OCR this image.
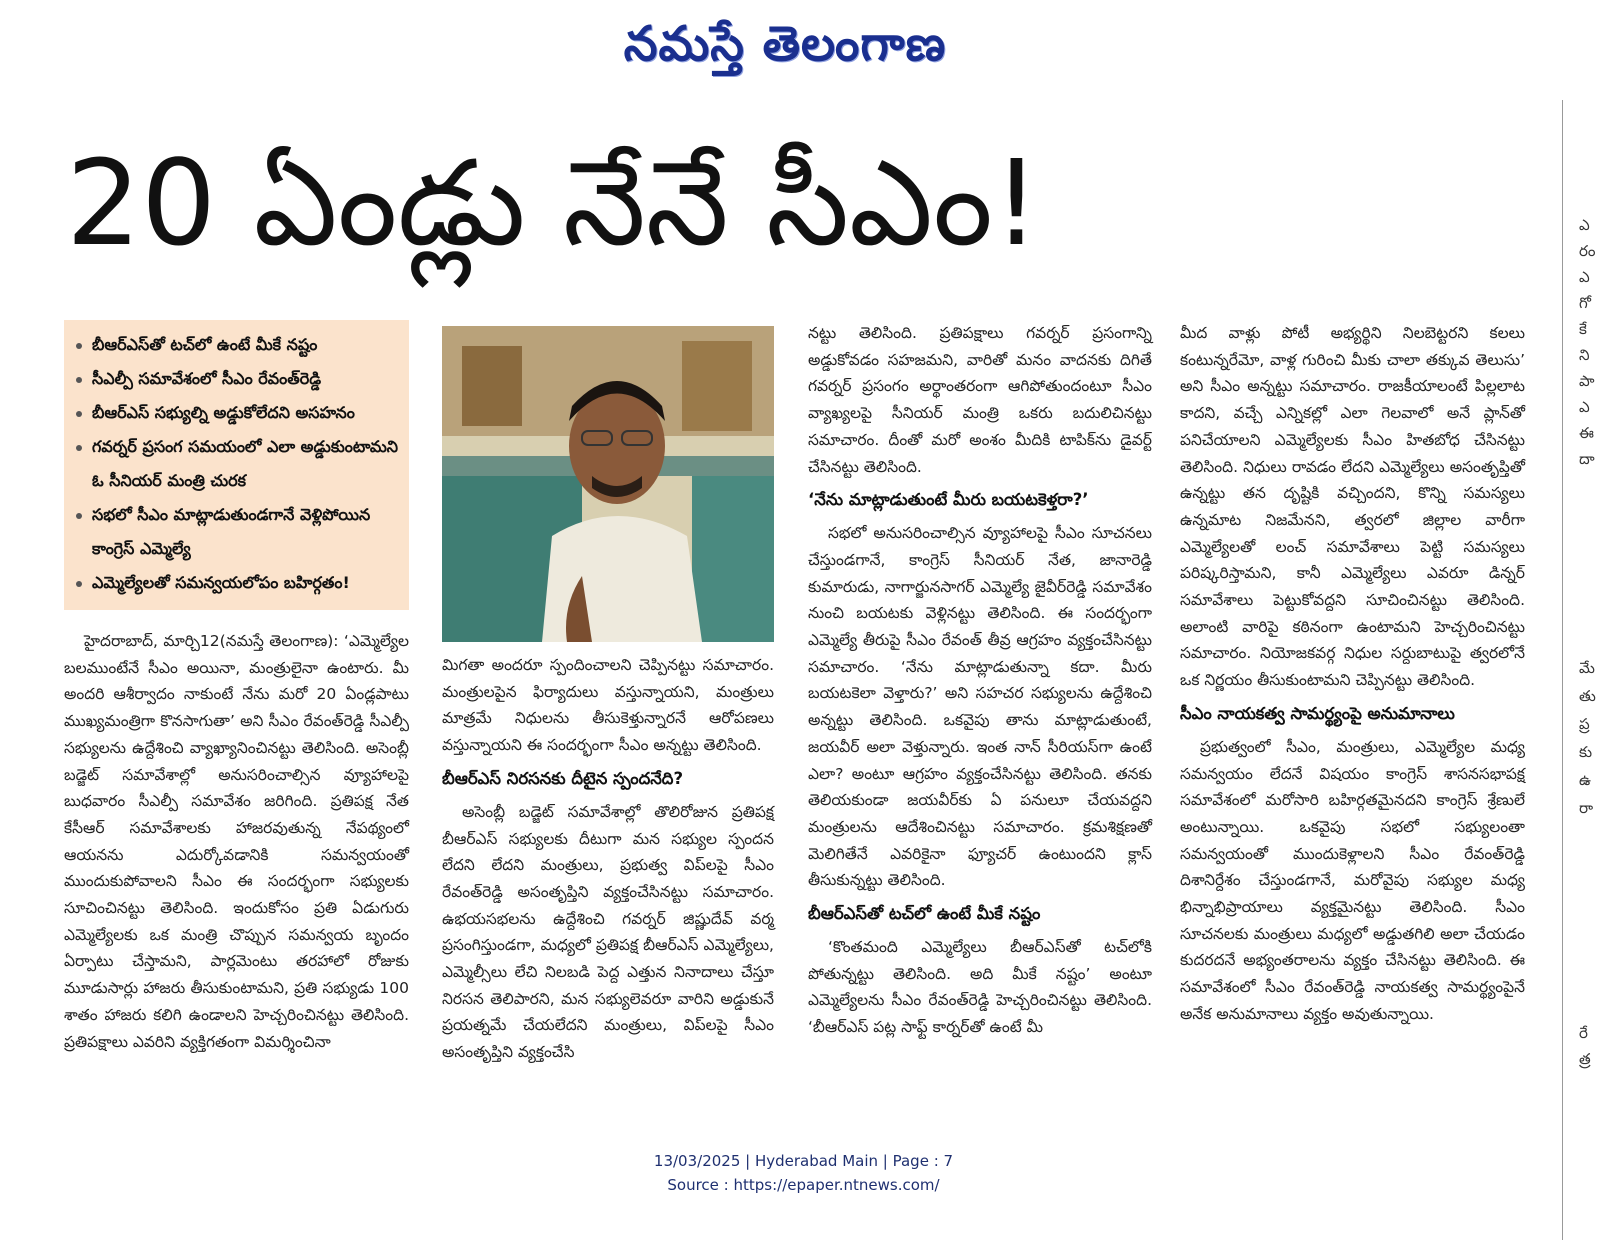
నమస్తే తెలంగాణ
20 ఏండ్లు నేనే సీఎం!
బీఆర్‌ఎస్‌తో టచ్‌లో ఉంటే మీకే నష్టం
సీఎల్పీ సమావేశంలో సీఎం రేవంత్‌రెడ్డి
బీఆర్‌ఎస్ సభ్యుల్ని అడ్డుకోలేదని అసహనం
గవర్నర్ ప్రసంగ సమయంలో ఎలా అడ్డుకుంటామని ఓ సీనియర్ మంత్రి చురక
సభలో సీఎం మాట్లాడుతుండగానే వెళ్లిపోయిన కాంగ్రెస్ ఎమ్మెల్యే
ఎమ్మెల్యేలతో సమన్వయలోపం బహిర్గతం!

హైదరాబాద్, మార్చి12(నమస్తే తెలంగాణ): ‘ఎమ్మెల్యేల బలముంటేనే సీఎం అయినా, మంత్రులైనా ఉంటారు. మీ అందరి ఆశీర్వాదం నాకుంటే నేను మరో 20 ఏండ్లపాటు ముఖ్యమంత్రిగా కొనసాగుతా’ అని సీఎం రేవంత్‌రెడ్డి సీఎల్పీ సభ్యులను ఉద్దేశించి వ్యాఖ్యానించినట్టు తెలిసింది. అసెంబ్లీ బడ్జెట్ సమావేశాల్లో అనుసరించాల్సిన వ్యూహాలపై బుధవారం సీఎల్పీ సమావేశం జరిగింది. ప్రతిపక్ష నేత కేసీఆర్ సమావేశాలకు హాజరవుతున్న నేపథ్యంలో ఆయనను ఎదుర్కోవడానికి సమన్వయంతో ముందుకుపోవాలని సీఎం ఈ సందర్భంగా సభ్యులకు సూచించినట్టు తెలిసింది. ఇందుకోసం ప్రతి ఏడుగురు ఎమ్మెల్యేలకు ఒక మంత్రి చొప్పున సమన్వయ బృందం ఏర్పాటు చేస్తామని, పార్లమెంటు తరహాలో రోజుకు మూడుసార్లు హాజరు తీసుకుంటామని, ప్రతి సభ్యుడు 100 శాతం హాజరు కలిగి ఉండాలని హెచ్చరించినట్టు తెలిసింది. ప్రతిపక్షాలు ఎవరిని వ్యక్తిగతంగా విమర్శించినా

మిగతా అందరూ స్పందించాలని చెప్పినట్టు సమాచారం. మంత్రులపైన ఫిర్యాదులు వస్తున్నాయని, మంత్రులు మాత్రమే నిధులను తీసుకెళ్తున్నారనే ఆరోపణలు వస్తున్నాయని ఈ సందర్భంగా సీఎం అన్నట్టు తెలిసింది.

బీఆర్‌ఎస్ నిరసనకు దీటైన స్పందనేది?

అసెంబ్లీ బడ్జెట్ సమావేశాల్లో తొలిరోజున ప్రతిపక్ష బీఆర్‌ఎస్ సభ్యులకు దీటుగా మన సభ్యుల స్పందన లేదని లేదని మంత్రులు, ప్రభుత్వ విప్‌లపై సీఎం రేవంత్‌రెడ్డి అసంతృప్తిని వ్యక్తంచేసినట్టు సమాచారం. ఉభయసభలను ఉద్దేశించి గవర్నర్ జిష్ణుదేవ్ వర్మ ప్రసంగిస్తుండగా, మధ్యలో ప్రతిపక్ష బీఆర్‌ఎస్ ఎమ్మెల్యేలు, ఎమ్మెల్సీలు లేచి నిలబడి పెద్ద ఎత్తున నినాదాలు చేస్తూ నిరసన తెలిపారని, మన సభ్యులెవరూ వారిని అడ్డుకునే ప్రయత్నమే చేయలేదని మంత్రులు, విప్‌లపై సీఎం అసంతృప్తిని వ్యక్తంచేసి

నట్టు తెలిసింది. ప్రతిపక్షాలు గవర్నర్ ప్రసంగాన్ని అడ్డుకోవడం సహజమని, వారితో మనం వాదనకు దిగితే గవర్నర్ ప్రసంగం అర్థాంతరంగా ఆగిపోతుందంటూ సీఎం వ్యాఖ్యలపై సీనియర్ మంత్రి ఒకరు బదులిచినట్టు సమాచారం. దీంతో మరో అంశం మీదికి టాపిక్‌ను డైవర్ట్ చేసినట్టు తెలిసింది.

‘నేను మాట్లాడుతుంటే మీరు బయటకెళ్తరా?’

సభలో అనుసరించాల్సిన వ్యూహాలపై సీఎం సూచనలు చేస్తుండగానే, కాంగ్రెస్ సీనియర్ నేత, జానారెడ్డి కుమారుడు, నాగార్జునసాగర్ ఎమ్మెల్యే జైవీర్‌రెడ్డి సమావేశం నుంచి బయటకు వెళ్లినట్టు తెలిసింది. ఈ సందర్భంగా ఎమ్మెల్యే తీరుపై సీఎం రేవంత్ తీవ్ర ఆగ్రహం వ్యక్తంచేసినట్టు సమాచారం. ‘నేను మాట్లాడుతున్నా కదా. మీరు బయటకెలా వెళ్తారు?’ అని సహచర సభ్యులను ఉద్దేశించి అన్నట్టు తెలిసింది. ఒకవైపు తాను మాట్లాడుతుంటే, జయవీర్ అలా వెళ్తున్నారు. ఇంత నాన్ సీరియస్‌గా ఉంటే ఎలా? అంటూ ఆగ్రహం వ్యక్తంచేసినట్టు తెలిసింది. తనకు తెలియకుండా జయవీర్‌కు ఏ పనులూ చేయవద్దని మంత్రులను ఆదేశించినట్టు సమాచారం. క్రమశిక్షణతో మెలిగితేనే ఎవరికైనా ఫ్యూచర్ ఉంటుందని క్లాస్ తీసుకున్నట్టు తెలిసింది.

బీఆర్‌ఎస్‌తో టచ్‌లో ఉంటే మీకే నష్టం

‘కొంతమంది ఎమ్మెల్యేలు బీఆర్‌ఎస్‌తో టచ్‌లోకి పోతున్నట్టు తెలిసింది. అది మీకే నష్టం’ అంటూ ఎమ్మెల్యేలను సీఎం రేవంత్‌రెడ్డి హెచ్చరించినట్టు తెలిసింది. ‘బీఆర్‌ఎస్ పట్ల సాఫ్ట్ కార్నర్‌తో ఉంటే మీ

మీద వాళ్లు పోటీ అభ్యర్థిని నిలబెట్టరని కలలు కంటున్నరేమో, వాళ్ల గురించి మీకు చాలా తక్కువ తెలుసు’ అని సీఎం అన్నట్టు సమాచారం. రాజకీయాలంటే పిల్లలాట కాదని, వచ్చే ఎన్నికల్లో ఎలా గెలవాలో అనే ప్లాన్‌తో పనిచేయాలని ఎమ్మెల్యేలకు సీఎం హితబోధ చేసినట్టు తెలిసింది. నిధులు రావడం లేదని ఎమ్మెల్యేలు అసంతృప్తితో ఉన్నట్టు తన దృష్టికి వచ్చిందని, కొన్ని సమస్యలు ఉన్నమాట నిజమేనని, త్వరలో జిల్లాల వారీగా ఎమ్మెల్యేలతో లంచ్ సమావేశాలు పెట్టి సమస్యలు పరిష్కరిస్తామని, కానీ ఎమ్మెల్యేలు ఎవరూ డిన్నర్ సమావేశాలు పెట్టుకోవద్దని సూచించినట్టు తెలిసింది. అలాంటి వారిపై కఠినంగా ఉంటామని హెచ్చరించినట్టు సమాచారం. నియోజకవర్గ నిధుల సర్దుబాటుపై త్వరలోనే ఒక నిర్ణయం తీసుకుంటామని చెప్పినట్టు తెలిసింది.

సీఎం నాయకత్వ సామర్థ్యంపై అనుమానాలు

ప్రభుత్వంలో సీఎం, మంత్రులు, ఎమ్మెల్యేల మధ్య సమన్వయం లేదనే విషయం కాంగ్రెస్ శాసనసభాపక్ష సమావేశంలో మరోసారి బహిర్గతమైనదని కాంగ్రెస్ శ్రేణులే అంటున్నాయి. ఒకవైపు సభలో సభ్యులంతా సమన్వయంతో ముందుకెళ్లాలని సీఎం రేవంత్‌రెడ్డి దిశానిర్దేశం చేస్తుండగానే, మరోవైపు సభ్యుల మధ్య భిన్నాభిప్రాయాలు వ్యక్తమైనట్టు తెలిసింది. సీఎం సూచనలకు మంత్రులు మధ్యలో అడ్డుతగిలి అలా చేయడం కుదరదనే అభ్యంతరాలను వ్యక్తం చేసినట్టు తెలిసింది. ఈ సమావేశంలో సీఎం రేవంత్‌రెడ్డి నాయకత్వ సామర్థ్యంపైనే అనేక అనుమానాలు వ్యక్తం అవుతున్నాయి.

ఎ
రం
ఎ
గో
కే
ని
పా
ఎ
ఈ
దా
మే
తు
ప్ర
కు
ఉ
రా
రే
త్ర
13/03/2025 | Hyderabad Main | Page : 7
Source : https://epaper.ntnews.com/
